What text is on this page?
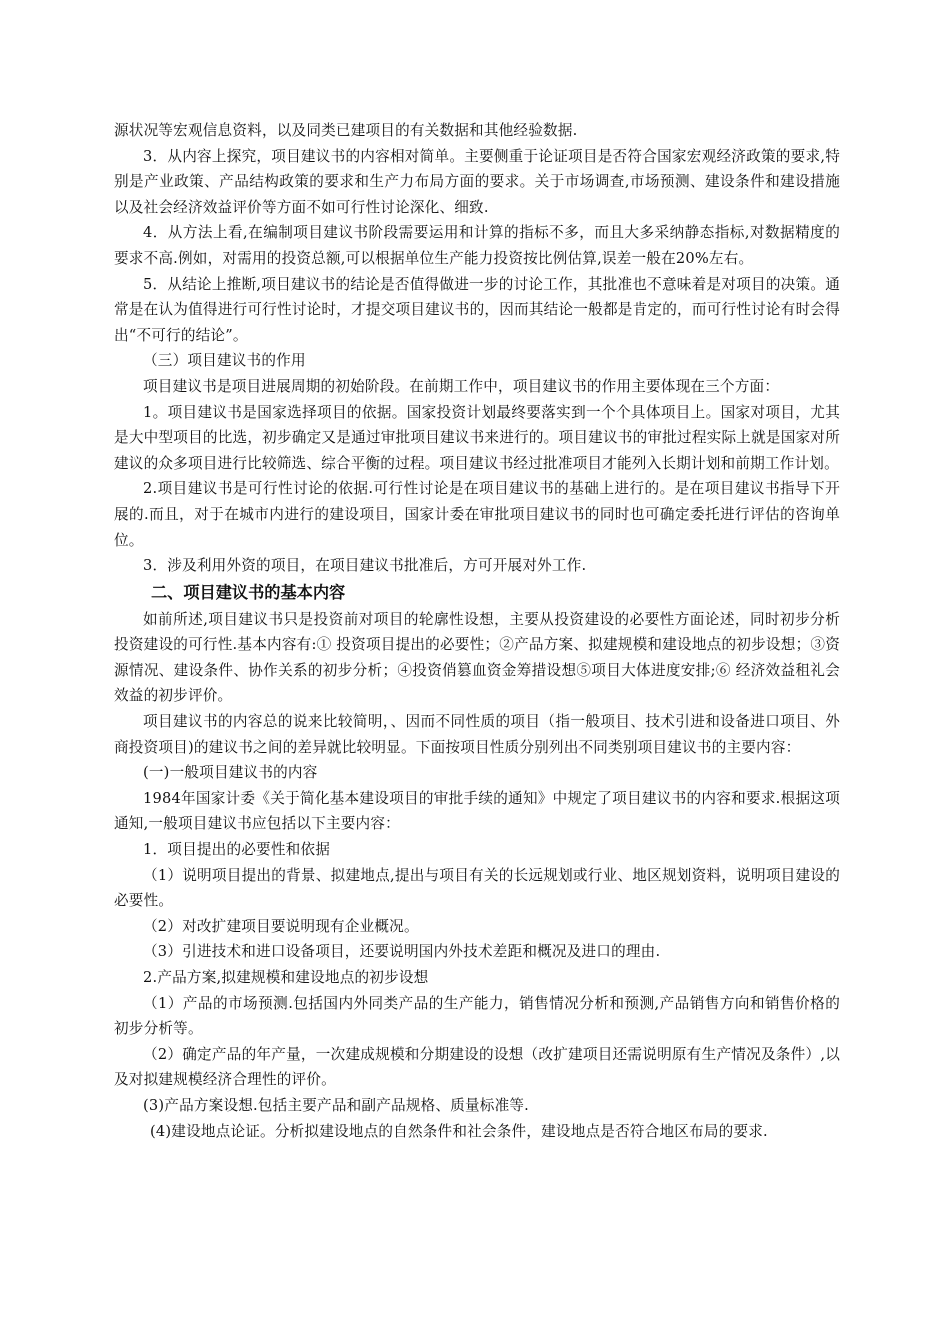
源状况等宏观信息资料，以及同类已建项目的有关数据和其他经验数据.

3．从内容上探究，项目建议书的内容相对简单。主要侧重于论证项目是否符合国家宏观经济政策的要求,特别是产业政策、产品结构政策的要求和生产力布局方面的要求。关于市场调查,市场预测、建设条件和建设措施以及社会经济效益评价等方面不如可行性讨论深化、细致.

4．从方法上看,在编制项目建议书阶段需要运用和计算的指标不多，而且大多采纳静态指标,对数据精度的要求不高.例如，对需用的投资总额,可以根据单位生产能力投资按比例估算,误差一般在20%左右。

5．从结论上推断,项目建议书的结论是否值得做进一步的讨论工作，其批准也不意味着是对项目的决策。通常是在认为值得进行可行性讨论时，才提交项目建议书的，因而其结论一般都是肯定的，而可行性讨论有时会得出“不可行的结论”。

（三）项目建议书的作用

项目建议书是项目进展周期的初始阶段。在前期工作中，项目建议书的作用主要体现在三个方面：

1。项目建议书是国家选择项目的依据。国家投资计划最终要落实到一个个具体项目上。国家对项目，尤其是大中型项目的比选，初步确定又是通过审批项目建议书来进行的。项目建议书的审批过程实际上就是国家对所建议的众多项目进行比较筛选、综合平衡的过程。项目建议书经过批准项目才能列入长期计划和前期工作计划。

2.项目建议书是可行性讨论的依据.可行性讨论是在项目建议书的基础上进行的。是在项目建议书指导下开展的.而且，对于在城市内进行的建设项目，国家计委在审批项目建议书的同时也可确定委托进行评估的咨询单位。

3．涉及利用外资的项目，在项目建议书批准后，方可开展对外工作.

二、项目建议书的基本内容

如前所述,项目建议书只是投资前对项目的轮廓性设想，主要从投资建设的必要性方面论述，同时初步分析投资建设的可行性.基本内容有:① 投资项目提出的必要性；②产品方案、拟建规模和建设地点的初步设想；③资源情况、建设条件、协作关系的初步分析；④投资俏篡血资金筹措设想⑤项目大体进度安排;⑥ 经济效益租礼会效益的初步评价。

项目建议书的内容总的说来比较简明，、因而不同性质的项目（指一般项目、技术引进和设备进口项目、外商投资项目)的建议书之间的差异就比较明显。下面按项目性质分别列出不同类别项目建议书的主要内容：

(一)一般项目建议书的内容

1984年国家计委《关于简化基本建设项目的审批手续的通知》中规定了项目建议书的内容和要求.根据这项通知,一般项目建议书应包括以下主要内容：

1．项目提出的必要性和依据

（1）说明项目提出的背景、拟建地点,提出与项目有关的长远规划或行业、地区规划资料，说明项目建设的必要性。

（2）对改扩建项目要说明现有企业概况。

（3）引进技术和进口设备项目，还要说明国内外技术差距和概况及进口的理由.

2.产品方案,拟建规模和建设地点的初步设想

（1）产品的市场预测.包括国内外同类产品的生产能力，销售情况分析和预测,产品销售方向和销售价格的初步分析等。

（2）确定产品的年产量，一次建成规模和分期建设的设想（改扩建项目还需说明原有生产情况及条件）,以及对拟建规模经济合理性的评价。

(3)产品方案设想.包括主要产品和副产品规格、质量标准等.

(4)建设地点论证。分析拟建设地点的自然条件和社会条件，建设地点是否符合地区布局的要求.
